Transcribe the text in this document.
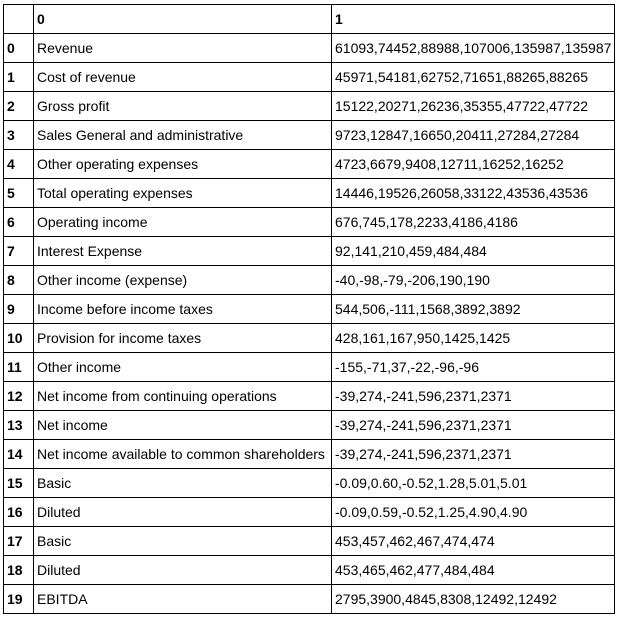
	0	1
0	Revenue	61093,74452,88988,107006,135987,135987
1	Cost of revenue	45971,54181,62752,71651,88265,88265
2	Gross profit	15122,20271,26236,35355,47722,47722
3	Sales General and administrative	9723,12847,16650,20411,27284,27284
4	Other operating expenses	4723,6679,9408,12711,16252,16252
5	Total operating expenses	14446,19526,26058,33122,43536,43536
6	Operating income	676,745,178,2233,4186,4186
7	Interest Expense	92,141,210,459,484,484
8	Other income (expense)	-40,-98,-79,-206,190,190
9	Income before income taxes	544,506,-111,1568,3892,3892
10	Provision for income taxes	428,161,167,950,1425,1425
11	Other income	-155,-71,37,-22,-96,-96
12	Net income from continuing operations	-39,274,-241,596,2371,2371
13	Net income	-39,274,-241,596,2371,2371
14	Net income available to common shareholders	-39,274,-241,596,2371,2371
15	Basic	-0.09,0.60,-0.52,1.28,5.01,5.01
16	Diluted	-0.09,0.59,-0.52,1.25,4.90,4.90
17	Basic	453,457,462,467,474,474
18	Diluted	453,465,462,477,484,484
19	EBITDA	2795,3900,4845,8308,12492,12492
